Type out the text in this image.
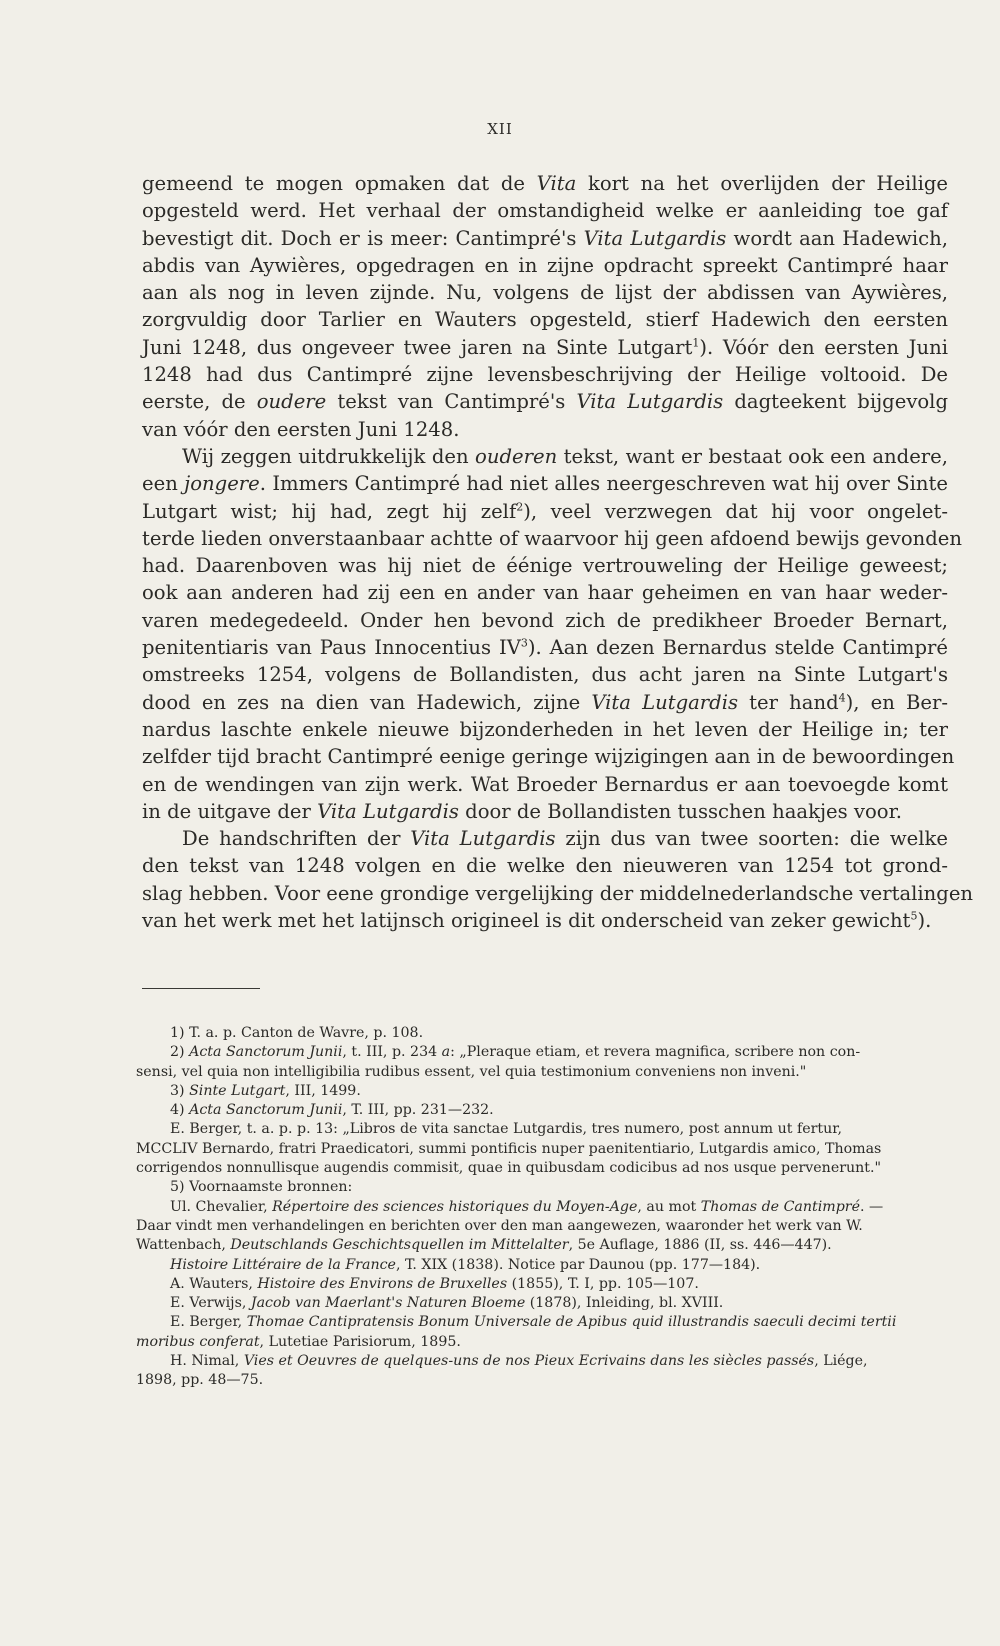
XII

gemeend te mogen opmaken dat de Vita kort na het overlijden der Heilige
opgesteld werd. Het verhaal der omstandigheid welke er aanleiding toe gaf
bevestigt dit. Doch er is meer: Cantimpré's Vita Lutgardis wordt aan Hadewich,
abdis van Aywières, opgedragen en in zijne opdracht spreekt Cantimpré haar
aan als nog in leven zijnde. Nu, volgens de lijst der abdissen van Aywières,
zorgvuldig door Tarlier en Wauters opgesteld, stierf Hadewich den eersten
Juni 1248, dus ongeveer twee jaren na Sinte Lutgart$^1$). Vóór den eersten Juni
1248 had dus Cantimpré zijne levensbeschrijving der Heilige voltooid. De
eerste, de oudere tekst van Cantimpré's Vita Lutgardis dagteekent bijgevolg
van vóór den eersten Juni 1248.

Wij zeggen uitdrukkelijk den ouderen tekst, want er bestaat ook een andere,
een jongere. Immers Cantimpré had niet alles neergeschreven wat hij over Sinte
Lutgart wist; hij had, zegt hij zelf$^2$), veel verzwegen dat hij voor ongelet-
terde lieden onverstaanbaar achtte of waarvoor hij geen afdoend bewijs gevonden
had. Daarenboven was hij niet de éénige vertrouweling der Heilige geweest;
ook aan anderen had zij een en ander van haar geheimen en van haar weder-
varen medegedeeld. Onder hen bevond zich de predikheer Broeder Bernart,
penitentiaris van Paus Innocentius $IV^3$). Aan dezen Bernardus stelde Cantimpré
omstreeks 1254, volgens de Bollandisten, dus acht jaren na Sinte Lutgart's
dood en zes na dien van Hadewich, zijne Vita Lutgardis ter hand$^4$), en Ber-
nardus laschte enkele nieuwe bijzonderheden in het leven der Heilige in; ter
zelfder tijd bracht Cantimpré eenige geringe wijzigingen aan in de bewoordingen
en de wendingen van zijn werk. Wat Broeder Bernardus er aan toevoegde komt
in de uitgave der Vita Lutgardis door de Bollandisten tusschen haakjes voor.

De handschriften der Vita Lutgardis zijn dus van twee soorten: die welke
den tekst van 1248 volgen en die welke den nieuweren van 1254 tot grond-
slag hebben. Voor eene grondige vergelijking der middelnederlandsche vertalingen
van het werk met het latijnsch origineel is dit onderscheid van zeker gewicht$^5$).

1) T. a. p. Canton de Wavre, p. 108.
2) Acta Sanctorum Junii, t. III, p. 234 a: „Pleraque etiam, et revera magnifica, scribere non con-
sensi, vel quia non intelligibilia rudibus essent, vel quia testimonium conveniens non inveni."
3) Sinte Lutgart, III, 1499.
4) Acta Sanctorum Junii, T. III, pp. 231—232.
E. Berger, t. a. p. p. 13: „Libros de vita sanctae Lutgardis, tres numero, post annum ut fertur,
MCCLIV Bernardo, fratri Praedicatori, summi pontificis nuper paenitentiario, Lutgardis amico, Thomas
corrigendos nonnullisque augendis commisit, quae in quibusdam codicibus ad nos usque pervenerunt."
5) Voornaamste bronnen:
Ul. Chevalier, Répertoire des sciences historiques du Moyen-Age, au mot Thomas de Cantimpré. —
Daar vindt men verhandelingen en berichten over den man aangewezen, waaronder het werk van W.
Wattenbach, Deutschlands Geschichtsquellen im Mittelalter, 5e Auflage, 1886 (II, ss. 446—447).
Histoire Littéraire de la France, T. XIX (1838). Notice par Daunou (pp. 177—184).
A. Wauters, Histoire des Environs de Bruxelles (1855), T. I, pp. 105—107.
E. Verwijs, Jacob van Maerlant's Naturen Bloeme (1878), Inleiding, bl. XVIII.
E. Berger, Thomae Cantipratensis Bonum Universale de Apibus quid illustrandis saeculi decimi tertii
moribus conferat, Lutetiae Parisiorum, 1895.
H. Nimal, Vies et Oeuvres de quelques-uns de nos Pieux Ecrivains dans les siècles passés, Liége,
1898, pp. 48—75.
